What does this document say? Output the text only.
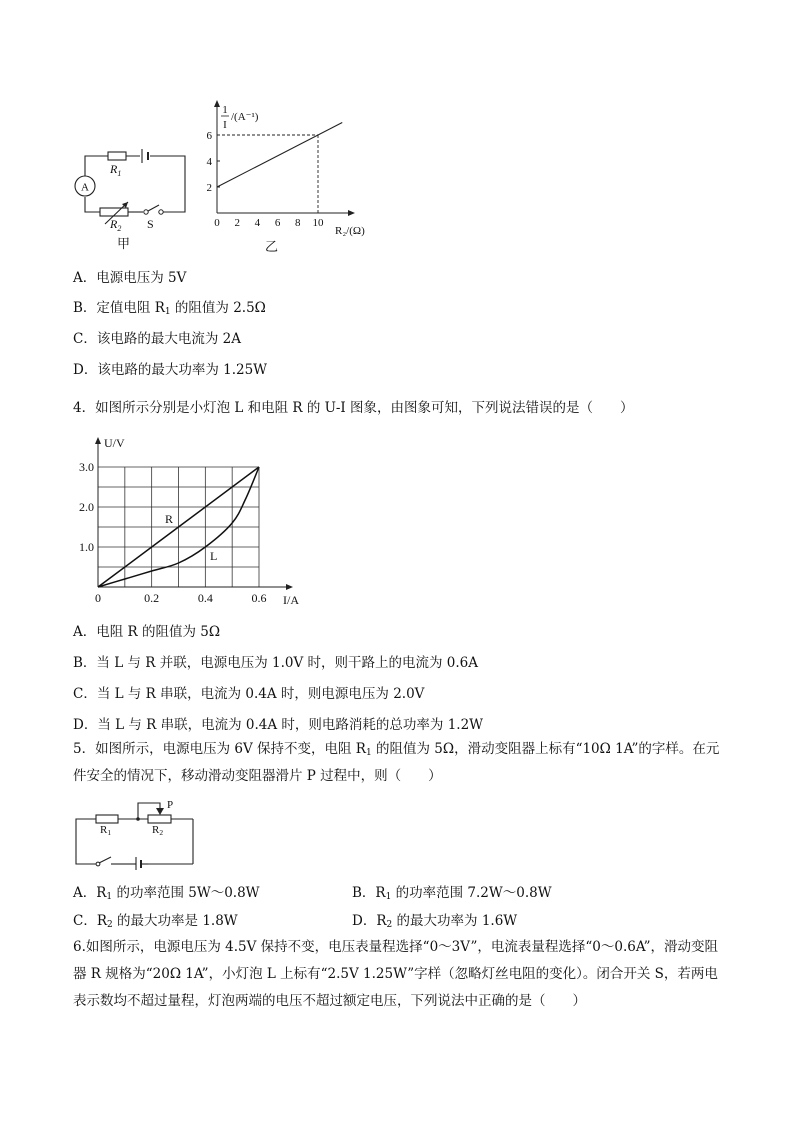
A
$R_1$
$R_2$ S
甲
1
I
/(A⁻¹)
0 2 4 6 8 10
6
4
2
R₂/(Ω)
乙
A．电源电压为 5V
B．定值电阻 $R_1$ 的阻值为 2.5Ω
C．该电路的最大电流为 2A
D．该电路的最大功率为 1.25W
4．如图所示分别是小灯泡 L 和电阻 R 的 U-I 图象，由图象可知，下列说法错误的是（　　）
U/V
0	0.2	0.4	0.6
3.0
2.0
1.0
R
L
I/A
A．电阻 R 的阻值为 5Ω
B．当 L 与 R 并联，电源电压为 1.0V 时，则干路上的电流为 0.6A
C．当 L 与 R 串联，电流为 0.4A 时，则电源电压为 2.0V
D．当 L 与 R 串联，电流为 0.4A 时，则电路消耗的总功率为 1.2W
5．如图所示，电源电压为 6V 保持不变，电阻 $R_1$ 的阻值为 5Ω，滑动变阻器上标有“10Ω 1A”的字样。在元件安全的情况下，移动滑动变阻器滑片 P 过程中，则（　　）
P
R1	R2
A．$R_1$ 的功率范围 5W～0.8W	B．$R_1$ 的功率范围 7.2W～0.8W
C．$R_2$ 的最大功率是 1.8W	D．$R_2$ 的最大功率为 1.6W
6.如图所示，电源电压为 4.5V 保持不变，电压表量程选择“0～3V”，电流表量程选择“0～0.6A”，滑动变阻器 R 规格为“20Ω 1A”，小灯泡 L 上标有“2.5V 1.25W”字样（忽略灯丝电阻的变化）。闭合开关 S，若两电表示数均不超过量程，灯泡两端的电压不超过额定电压，下列说法中正确的是（　　）
